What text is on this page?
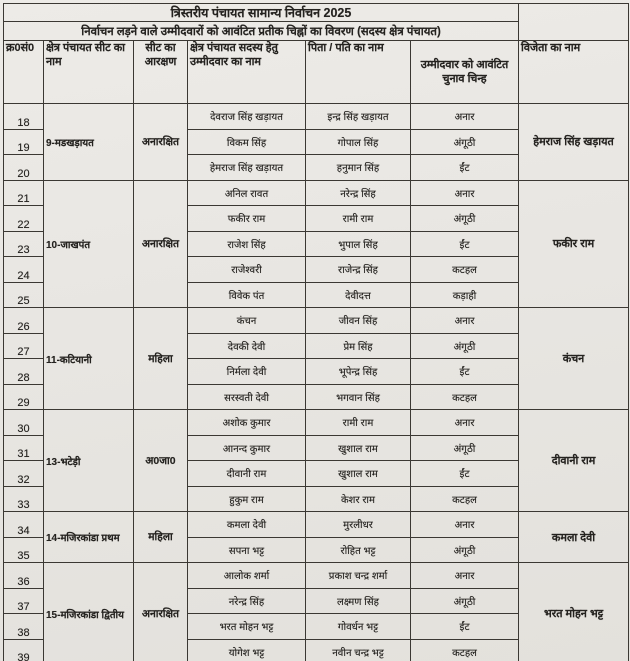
त्रिस्तरीय पंचायत सामान्य निर्वाचन 2025						
निर्वाचन लड़ने वाले उम्मीदवारों को आवंटित प्रतीक चिह्नों का विवरण (सदस्य क्षेत्र पंचायत)						
क्र0सं0	क्षेत्र पंचायत सीट का नाम	सीट का आरक्षण	क्षेत्र पंचायत सदस्य हेतु उम्मीदवार का नाम	पिता / पति का नाम	उम्मीदवार को आवंटित चुनाव चिन्ह	विजेता का नाम
18	9-मडखड़ायत	अनारक्षित	देवराज सिंह खड़ायत	इन्द्र सिंह खड़ायत	अनार	हेमराज सिंह खड़ायत
19			विकम सिंह	गोपाल सिंह	अंगूठी	
20			हेमराज सिंह खड़ायत	हनुमान सिंह	ईंट	
21	10-जाखपंत	अनारक्षित	अनिल रावत	नरेन्द्र सिंह	अनार	फकीर राम
22			फकीर राम	रामी राम	अंगूठी	
23			राजेश सिंह	भुपाल सिंह	ईंट	
24			राजेश्वरी	राजेन्द्र सिंह	कटहल	
25			विवेक पंत	देवीदत्त	कड़ाही	
26	11-कटियानी	महिला	कंचन	जीवन सिंह	अनार	कंचन
27			देवकी देवी	प्रेम सिंह	अंगूठी	
28			निर्मला देवी	भूपेन्द्र सिंह	ईंट	
29			सरस्वती देवी	भगवान सिंह	कटहल	
30	13-भटेड़ी	अ0जा0	अशोक कुमार	रामी राम	अनार	दीवानी राम
31			आनन्द कुमार	खुशाल राम	अंगूठी	
32			दीवानी राम	खुशाल राम	ईंट	
33			हुकुम राम	केशर राम	कटहल	
34	14-मजिरकांडा प्रथम	महिला	कमला देवी	मुरलीधर	अनार	कमला देवी
35			सपना भट्ट	रोहित भट्ट	अंगूठी	
36	15-मजिरकांडा द्वितीय	अनारक्षित	आलोक शर्मा	प्रकाश चन्द्र शर्मा	अनार	भरत मोहन भट्ट
37			नरेन्द्र सिंह	लक्ष्मण सिंह	अंगूठी	
38			भरत मोहन भट्ट	गोवर्धन भट्ट	ईंट	
39			योगेश भट्ट	नवीन चन्द्र भट्ट	कटहल	
